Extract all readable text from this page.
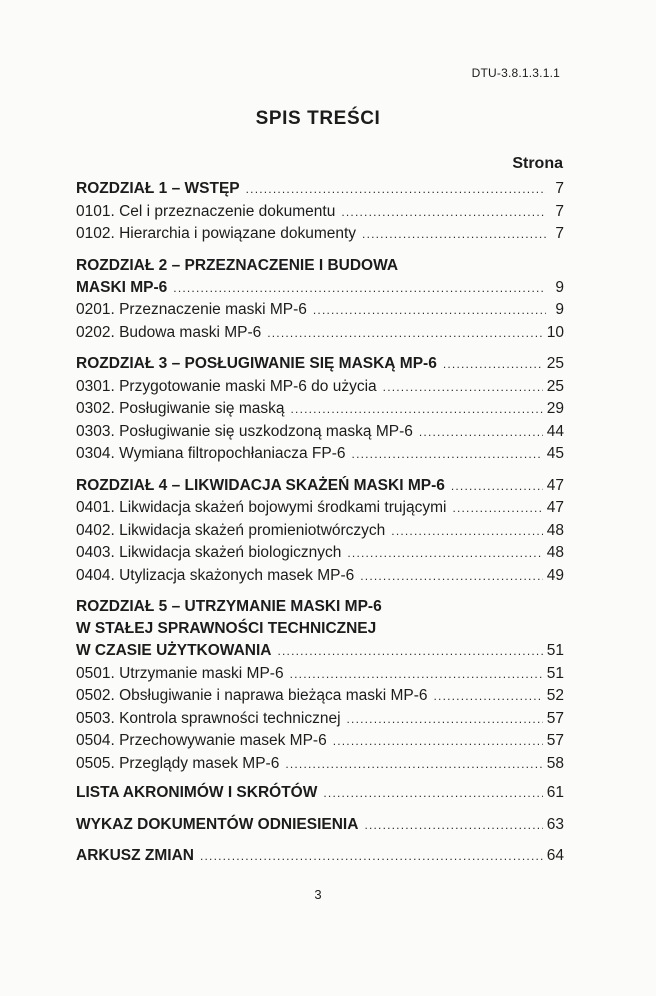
DTU-3.8.1.3.1.1
SPIS TREŚCI
Strona
ROZDZIAŁ 1 – WSTĘP .....	7
0101. Cel i przeznaczenie dokumentu .....	7
0102. Hierarchia i powiązane dokumenty .....	7
ROZDZIAŁ 2 – PRZEZNACZENIE I BUDOWA
MASKI MP-6 .....	9
0201. Przeznaczenie maski MP-6 .....	9
0202. Budowa maski MP-6 .....	10
ROZDZIAŁ 3 – POSŁUGIWANIE SIĘ MASKĄ MP-6 .....	25
0301. Przygotowanie maski MP-6 do użycia .....	25
0302. Posługiwanie się maską .....	29
0303. Posługiwanie się uszkodzoną maską MP-6 .....	44
0304. Wymiana filtropochłaniacza FP-6 .....	45
ROZDZIAŁ 4 – LIKWIDACJA SKAŻEŃ MASKI MP-6 .....	47
0401. Likwidacja skażeń bojowymi środkami trującymi .....	47
0402. Likwidacja skażeń promieniotwórczych .....	48
0403. Likwidacja skażeń biologicznych .....	48
0404. Utylizacja skażonych masek MP-6 .....	49
ROZDZIAŁ 5 – UTRZYMANIE MASKI MP-6
W STAŁEJ SPRAWNOŚCI TECHNICZNEJ
W CZASIE UŻYTKOWANIA .....	51
0501. Utrzymanie maski MP-6 .....	51
0502. Obsługiwanie i naprawa bieżąca maski MP-6 .....	52
0503. Kontrola sprawności technicznej .....	57
0504. Przechowywanie masek MP-6 .....	57
0505. Przeglądy masek MP-6 .....	58
LISTA AKRONIMÓW I SKRÓTÓW .....	61
WYKAZ DOKUMENTÓW ODNIESIENIA .....	63
ARKUSZ ZMIAN .....	64
3
